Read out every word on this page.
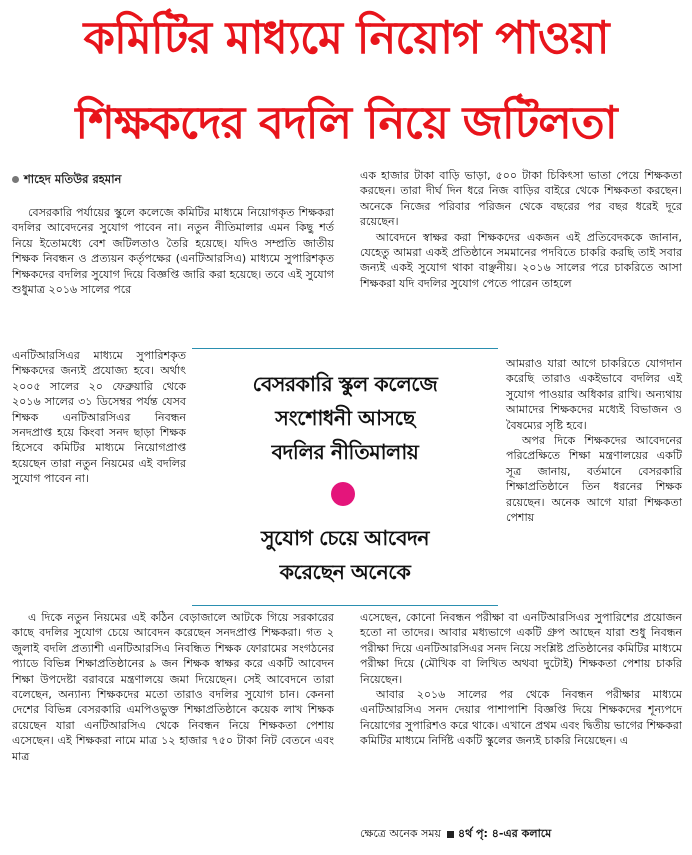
কমিটির মাধ্যমে নিয়োগ পাওয়া
শিক্ষকদের বদলি নিয়ে জটিলতা
শাহেদ মতিউর রহমান

বেসরকারি পর্যায়ের স্কুলে কলেজে কমিটির মাধ্যমে নিয়োগকৃত শিক্ষকরা বদলির আবেদনের সুযোগ পাবেন না। নতুন নীতিমালার এমন কিছু শর্ত নিয়ে ইতোমধ্যে বেশ জটিলতাও তৈরি হয়েছে। যদিও সম্প্রতি জাতীয় শিক্ষক নিবন্ধন ও প্রত্যয়ন কর্তৃপক্ষের (এনটিআরসিএ) মাধ্যমে সুপারিশকৃত শিক্ষকদের বদলির সুযোগ দিয়ে বিজ্ঞপ্তি জারি করা হয়েছে। তবে এই সুযোগ শুধুমাত্র ২০১৬ সালের পরে

এনটিআরসিএর মাধ্যমে সুপারিশকৃত শিক্ষকদের জন্যই প্রযোজ্য হবে। অর্থাৎ ২০০৫ সালের ২০ ফেব্রুয়ারি থেকে ২০১৬ সালের ৩১ ডিসেম্বর পর্যন্ত যেসব শিক্ষক এনটিআরসিএর নিবন্ধন সনদপ্রাপ্ত হয়ে কিংবা সনদ ছাড়া শিক্ষক হিসেবে কমিটির মাধ্যমে নিয়োগপ্রাপ্ত হয়েছেন তারা নতুন নিয়মের এই বদলির সুযোগ পাবেন না।

এ দিকে নতুন নিয়মের এই কঠিন বেড়াজালে আটকে গিয়ে সরকারের কাছে বদলির সুযোগ চেয়ে আবেদন করেছেন সনদপ্রাপ্ত শিক্ষকরা। গত ২ জুলাই বদলি প্রত্যাশী এনটিআরসিএ নিবন্ধিত শিক্ষক ফোরামের সংগঠনের প্যাডে বিভিন্ন শিক্ষাপ্রতিষ্ঠানের ৯ জন শিক্ষক স্বাক্ষর করে একটি আবেদন শিক্ষা উপদেষ্টা বরাবরে মন্ত্রণালয়ে জমা দিয়েছেন। সেই আবেদনে তারা বলেছেন, অন্যান্য শিক্ষকদের মতো তারাও বদলির সুযোগ চান। কেননা দেশের বিভিন্ন বেসরকারি এমপিওভুক্ত শিক্ষাপ্রতিষ্ঠানে কয়েক লাখ শিক্ষক রয়েছেন যারা এনটিআরসিএ থেকে নিবন্ধন নিয়ে শিক্ষকতা পেশায় এসেছেন। এই শিক্ষকরা নামে মাত্র ১২ হাজার ৭৫০ টাকা নিট বেতনে এবং মাত্র

এক হাজার টাকা বাড়ি ভাড়া, ৫০০ টাকা চিকিৎসা ভাতা পেয়ে শিক্ষকতা করছেন। তারা দীর্ঘ দিন ধরে নিজ বাড়ির বাইরে থেকে শিক্ষকতা করছেন। অনেকে নিজের পরিবার পরিজন থেকে বছরের পর বছর ধরেই দূরে রয়েছেন।

আবেদনে স্বাক্ষর করা শিক্ষকদের একজন এই প্রতিবেদককে জানান, যেহেতু আমরা একই প্রতিষ্ঠানে সমমানের পদবিতে চাকরি করছি তাই সবার জন্যই একই সুযোগ থাকা বাঞ্ছনীয়। ২০১৬ সালের পরে চাকরিতে আসা শিক্ষকরা যদি বদলির সুযোগ পেতে পারেন তাহলে

আমরাও যারা আগে চাকরিতে যোগদান করেছি তারাও একইভাবে বদলির এই সুযোগ পাওয়ার অধিকার রাখি। অন্যথায় আমাদের শিক্ষকদের মধ্যেই বিভাজন ও বৈষম্যের সৃষ্টি হবে।

অপর দিকে শিক্ষকদের আবেদনের পরিপ্রেক্ষিতে শিক্ষা মন্ত্রণালয়ের একটি সূত্র জানায়, বর্তমানে বেসরকারি শিক্ষাপ্রতিষ্ঠানে তিন ধরনের শিক্ষক রয়েছেন। অনেক আগে যারা শিক্ষকতা পেশায়

এসেছেন, কোনো নিবন্ধন পরীক্ষা বা এনটিআরসিএর সুপারিশের প্রয়োজন হতো না তাদের। আবার মধ্যভাগে একটি গ্রুপ আছেন যারা শুধু নিবন্ধন পরীক্ষা দিয়ে এনটিআরসিএর সনদ নিয়ে সংশ্লিষ্ট প্রতিষ্ঠানের কমিটির মাধ্যমে পরীক্ষা দিয়ে (মৌখিক বা লিখিত অথবা দুটোই) শিক্ষকতা পেশায় চাকরি নিয়েছেন।

আবার ২০১৬ সালের পর থেকে নিবন্ধন পরীক্ষার মাধ্যমে এনটিআরসিএ সনদ দেয়ার পাশাপাশি বিজ্ঞপ্তি দিয়ে শিক্ষকদের শূন্যপদে নিয়োগের সুপারিশও করে থাকে। এখানে প্রথম এবং দ্বিতীয় ভাগের শিক্ষকরা কমিটির মাধ্যমে নির্দিষ্ট একটি স্কুলের জন্যই চাকরি নিয়েছেন। এ

ক্ষেত্রে অনেক সময় ৪র্থ পৃ: ৪-এর কলামে
বেসরকারি স্কুল কলেজে
সংশোধনী আসছে
বদলির নীতিমালায়
সুযোগ চেয়ে আবেদন
করেছেন অনেকে
